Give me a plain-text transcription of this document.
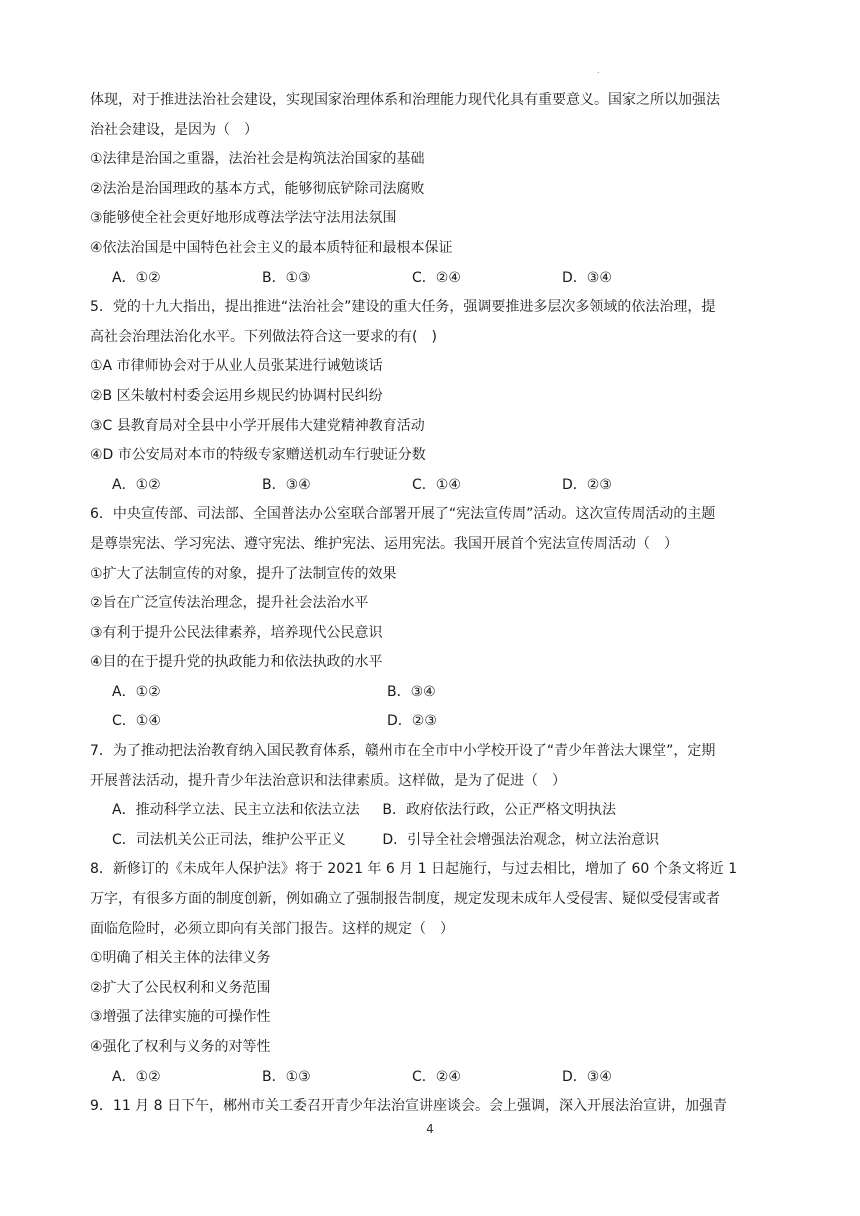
.
体现，对于推进法治社会建设，实现国家治理体系和治理能力现代化具有重要意义。国家之所以加强法
治社会建设，是因为（　）
①法律是治国之重器，法治社会是构筑法治国家的基础
②法治是治国理政的基本方式，能够彻底铲除司法腐败
③能够使全社会更好地形成尊法学法守法用法氛围
④依法治国是中国特色社会主义的最本质特征和最根本保证
A．①②	B．①③	C．②④	D．③④
5．党的十九大指出，提出推进“法治社会”建设的重大任务，强调要推进多层次多领域的依法治理，提
高社会治理法治化水平。下列做法符合这一要求的有(　)
①A 市律师协会对于从业人员张某进行诫勉谈话
②B 区朱敏村村委会运用乡规民约协调村民纠纷
③C 县教育局对全县中小学开展伟大建党精神教育活动
④D 市公安局对本市的特级专家赠送机动车行驶证分数
A．①②	B．③④	C．①④	D．②③
6．中央宣传部、司法部、全国普法办公室联合部署开展了“宪法宣传周”活动。这次宣传周活动的主题
是尊崇宪法、学习宪法、遵守宪法、维护宪法、运用宪法。我国开展首个宪法宣传周活动（　）
①扩大了法制宣传的对象，提升了法制宣传的效果
②旨在广泛宣传法治理念，提升社会法治水平
③有利于提升公民法律素养，培养现代公民意识
④目的在于提升党的执政能力和依法执政的水平
A．①②	B．③④
C．①④	D．②③
7．为了推动把法治教育纳入国民教育体系，赣州市在全市中小学校开设了“青少年普法大课堂”，定期
开展普法活动，提升青少年法治意识和法律素质。这样做，是为了促进（　）
A．推动科学立法、民主立法和依法立法	B．政府依法行政，公正严格文明执法
C．司法机关公正司法，维护公平正义	D．引导全社会增强法治观念，树立法治意识
8．新修订的《未成年人保护法》将于 2021 年 6 月 1 日起施行，与过去相比，增加了 60 个条文将近 1
万字，有很多方面的制度创新，例如确立了强制报告制度，规定发现未成年人受侵害、疑似受侵害或者
面临危险时，必须立即向有关部门报告。这样的规定（　）
①明确了相关主体的法律义务
②扩大了公民权利和义务范围
③增强了法律实施的可操作性
④强化了权利与义务的对等性
A．①②	B．①③	C．②④	D．③④
9．11 月 8 日下午，郴州市关工委召开青少年法治宣讲座谈会。会上强调，深入开展法治宣讲，加强青
4
